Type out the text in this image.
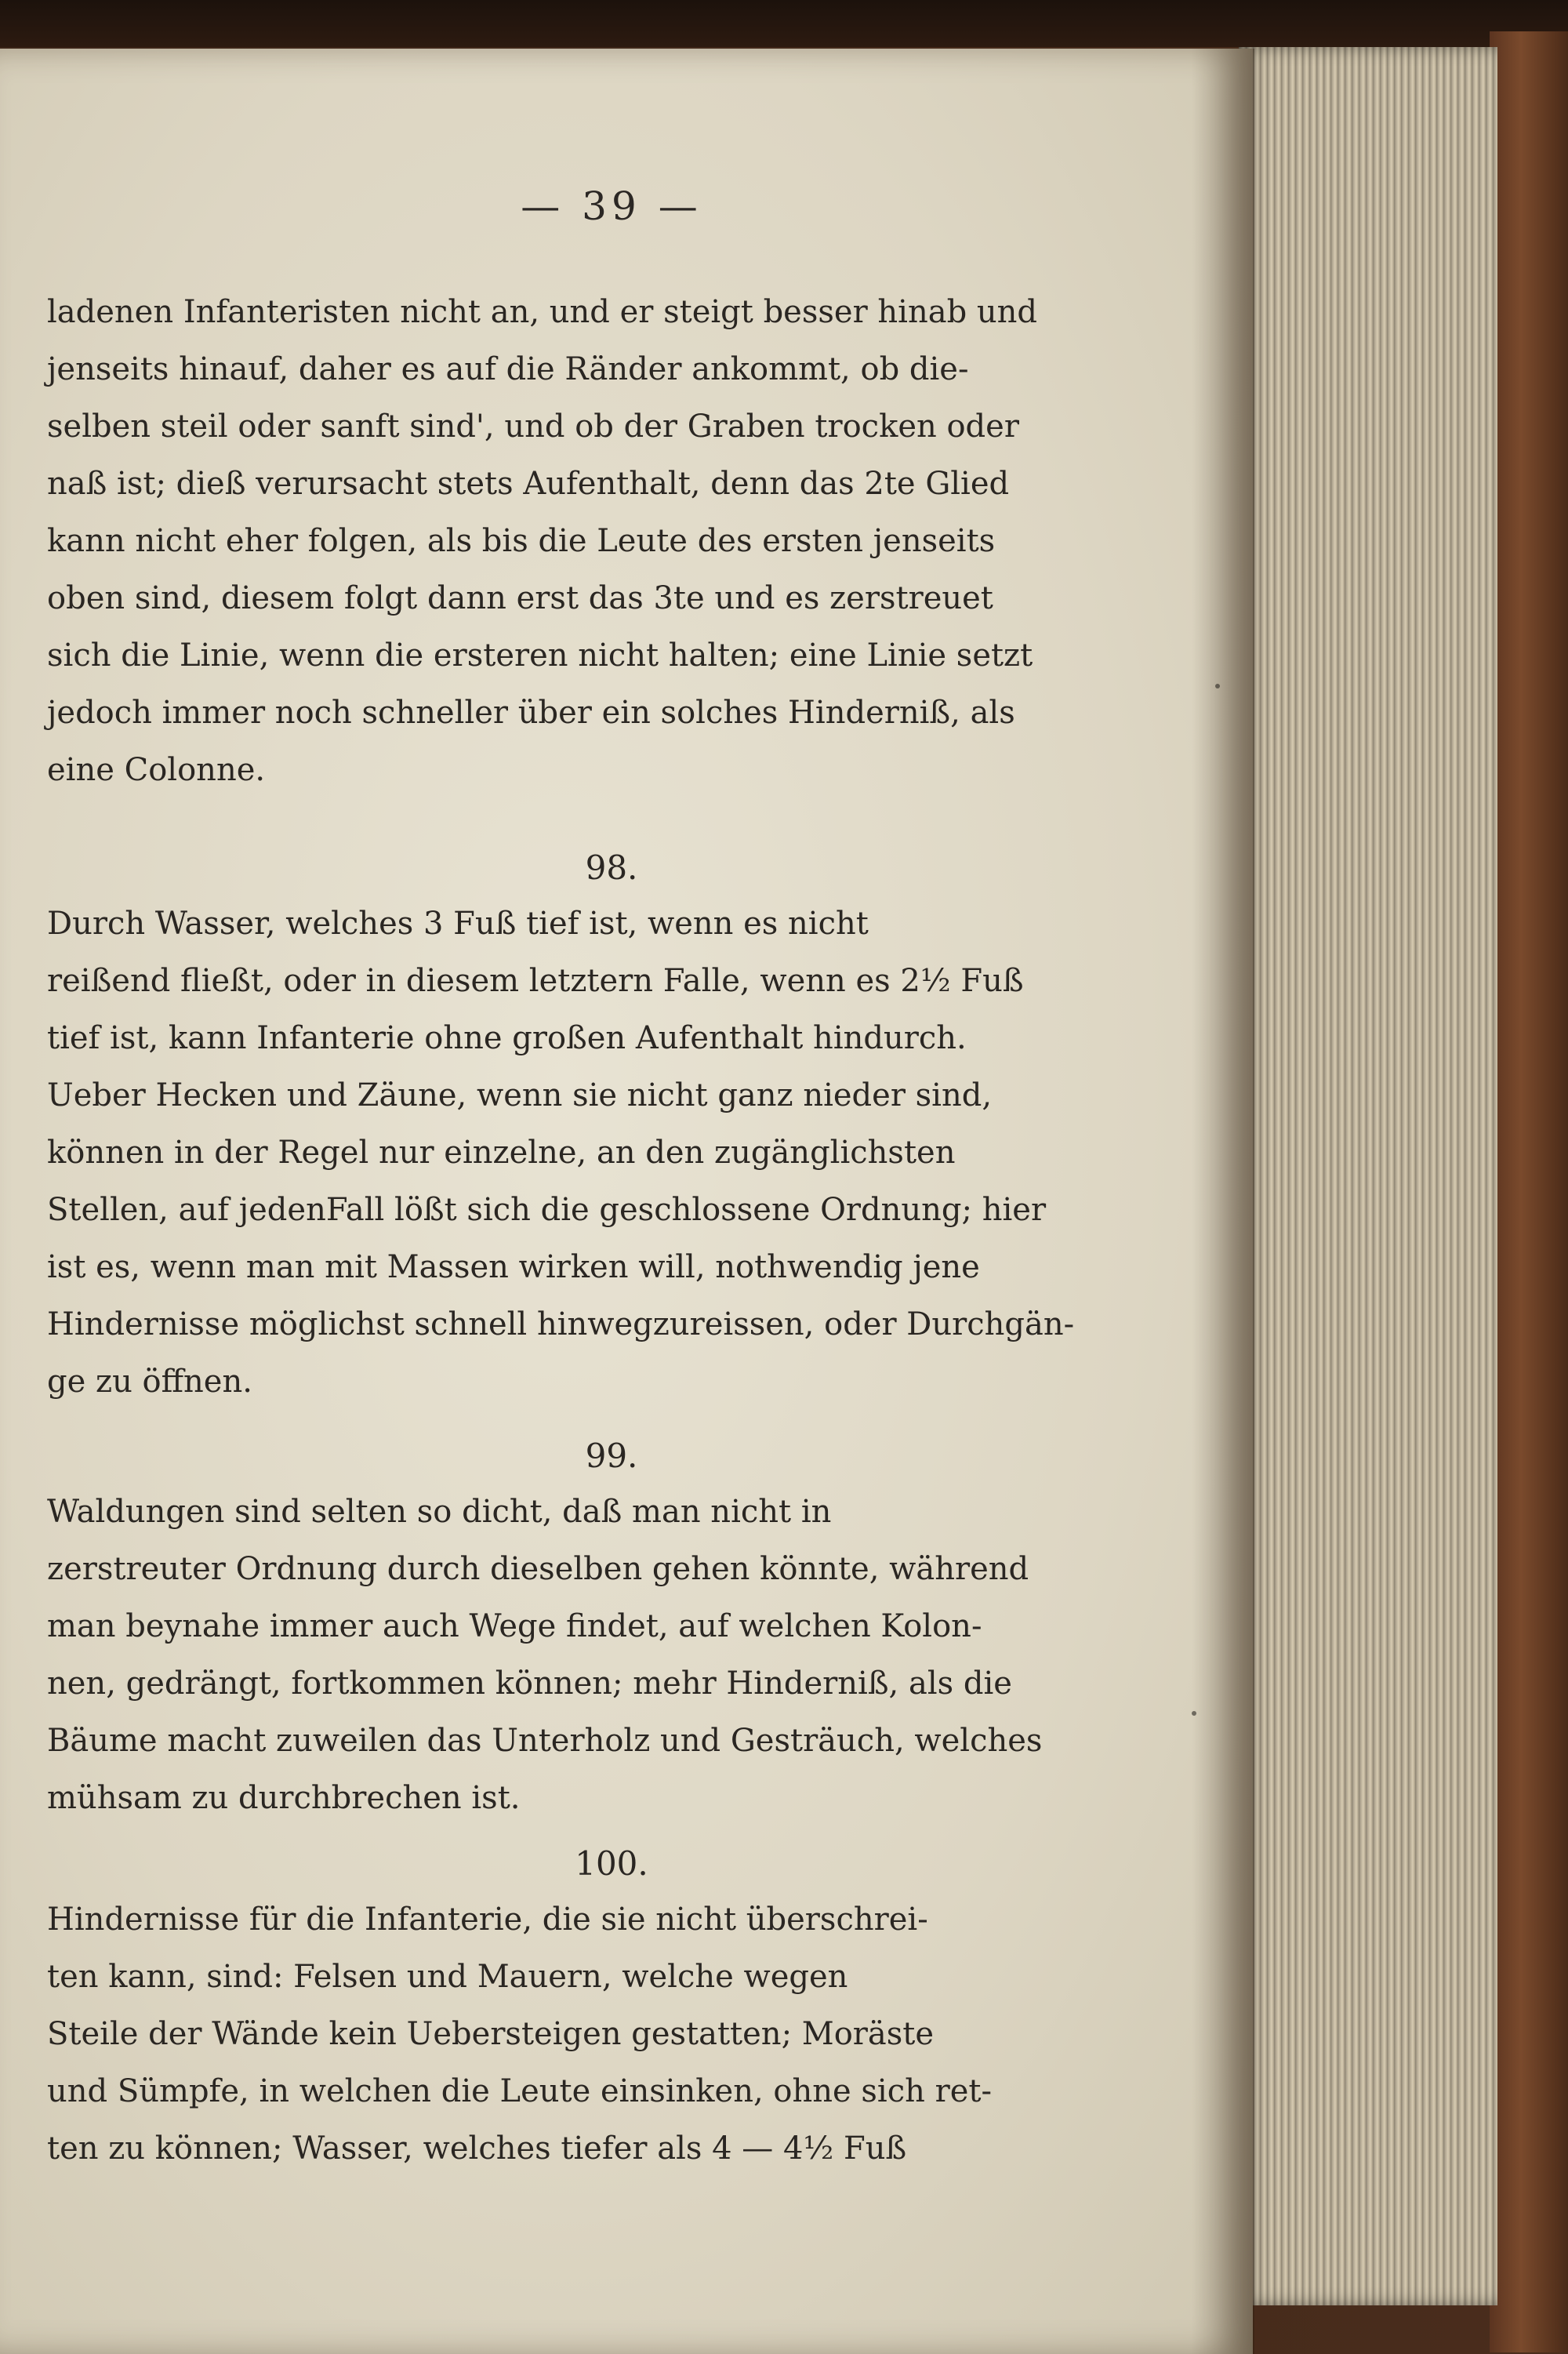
— 39 —
ladenen Infanteristen nicht an, und er steigt besser hinab und
jenseits hinauf, daher es auf die Ränder ankommt, ob die-
selben steil oder sanft sind', und ob der Graben trocken oder
naß ist; dieß verursacht stets Aufenthalt, denn das 2te Glied
kann nicht eher folgen, als bis die Leute des ersten jenseits
oben sind, diesem folgt dann erst das 3te und es zerstreuet
sich die Linie, wenn die ersteren nicht halten; eine Linie setzt
jedoch immer noch schneller über ein solches Hinderniß, als
eine Colonne.
98.
Durch Wasser, welches 3 Fuß tief ist, wenn es nicht
reißend fließt, oder in diesem letztern Falle, wenn es 2½ Fuß
tief ist, kann Infanterie ohne großen Aufenthalt hindurch.
Ueber Hecken und Zäune, wenn sie nicht ganz nieder sind,
können in der Regel nur einzelne, an den zugänglichsten
Stellen, auf jedenFall lößt sich die geschlossene Ordnung; hier
ist es, wenn man mit Massen wirken will, nothwendig jene
Hindernisse möglichst schnell hinwegzureissen, oder Durchgän-
ge zu öffnen.
99.
Waldungen sind selten so dicht, daß man nicht in
zerstreuter Ordnung durch dieselben gehen könnte, während
man beynahe immer auch Wege findet, auf welchen Kolon-
nen, gedrängt, fortkommen können; mehr Hinderniß, als die
Bäume macht zuweilen das Unterholz und Gesträuch, welches
mühsam zu durchbrechen ist.
100.
Hindernisse für die Infanterie, die sie nicht überschrei-
ten kann, sind: Felsen und Mauern, welche wegen
Steile der Wände kein Uebersteigen gestatten; Moräste
und Sümpfe, in welchen die Leute einsinken, ohne sich ret-
ten zu können; Wasser, welches tiefer als 4 — 4½ Fuß
